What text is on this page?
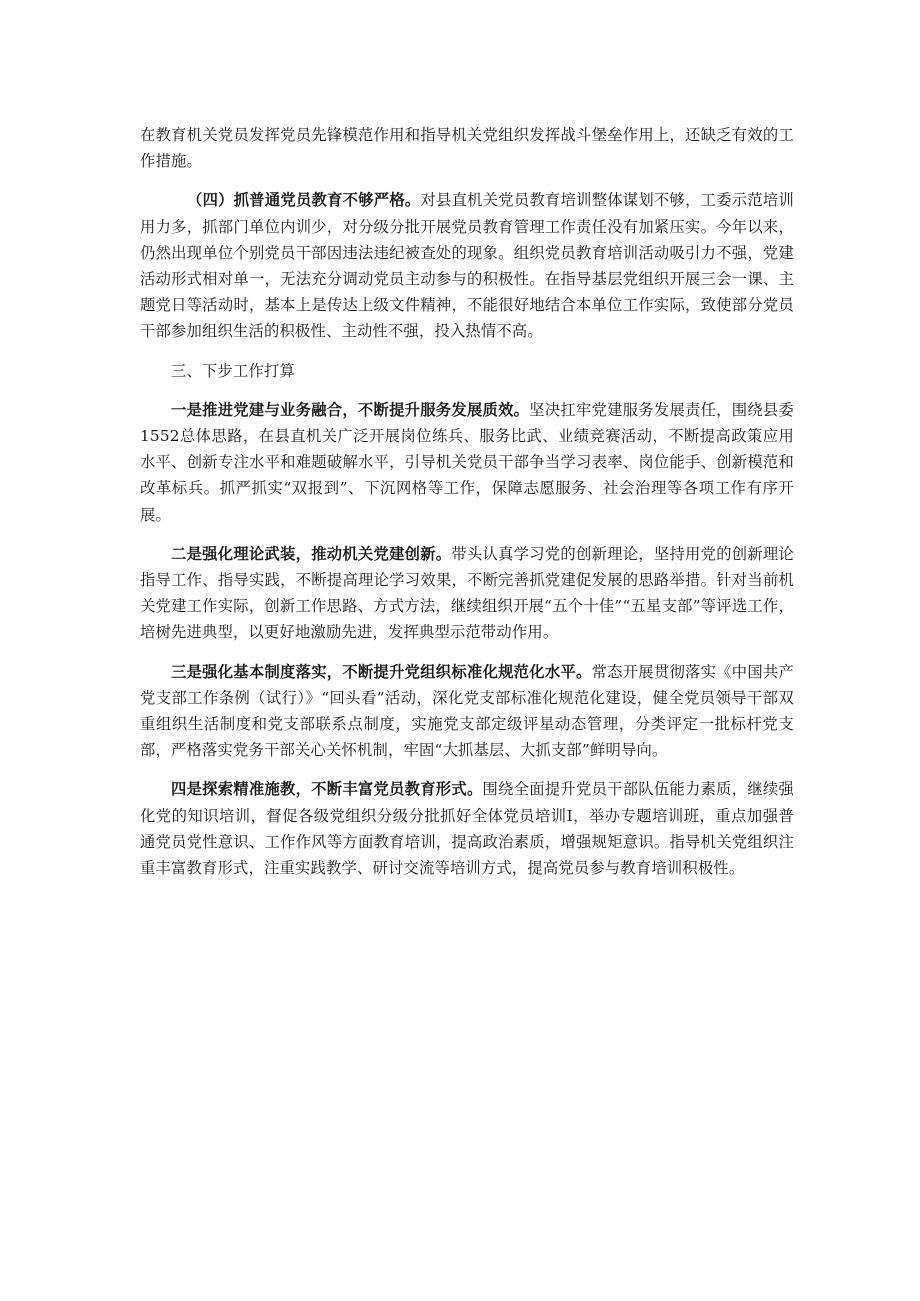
在教育机关党员发挥党员先锋模范作用和指导机关党组织发挥战斗堡垒作用上，还缺乏有效的工作措施。

（四）抓普通党员教育不够严格。对县直机关党员教育培训整体谋划不够，工委示范培训用力多，抓部门单位内训少，对分级分批开展党员教育管理工作责任没有加紧压实。今年以来，仍然出现单位个别党员干部因违法违纪被查处的现象。组织党员教育培训活动吸引力不强，党建活动形式相对单一，无法充分调动党员主动参与的积极性。在指导基层党组织开展三会一课、主题党日等活动时，基本上是传达上级文件精神，不能很好地结合本单位工作实际，致使部分党员干部参加组织生活的积极性、主动性不强，投入热情不高。

三、下步工作打算

一是推进党建与业务融合，不断提升服务发展质效。坚决扛牢党建服务发展责任，围绕县委1552总体思路，在县直机关广泛开展岗位练兵、服务比武、业绩竞赛活动，不断提高政策应用水平、创新专注水平和难题破解水平，引导机关党员干部争当学习表率、岗位能手、创新模范和改革标兵。抓严抓实“双报到”、下沉网格等工作，保障志愿服务、社会治理等各项工作有序开展。

二是强化理论武装，推动机关党建创新。带头认真学习党的创新理论，坚持用党的创新理论指导工作、指导实践，不断提高理论学习效果，不断完善抓党建促发展的思路举措。针对当前机关党建工作实际，创新工作思路、方式方法，继续组织开展“五个十佳”“五星支部”等评选工作，培树先进典型，以更好地激励先进，发挥典型示范带动作用。

三是强化基本制度落实，不断提升党组织标准化规范化水平。常态开展贯彻落实《中国共产党支部工作条例（试行）》“回头看”活动，深化党支部标准化规范化建设，健全党员领导干部双重组织生活制度和党支部联系点制度，实施党支部定级评星动态管理，分类评定一批标杆党支部，严格落实党务干部关心关怀机制，牢固“大抓基层、大抓支部”鲜明导向。

四是探索精准施教，不断丰富党员教育形式。围绕全面提升党员干部队伍能力素质，继续强化党的知识培训，督促各级党组织分级分批抓好全体党员培训Ⅰ，举办专题培训班，重点加强普通党员党性意识、工作作风等方面教育培训，提高政治素质，增强规矩意识。指导机关党组织注重丰富教育形式，注重实践教学、研讨交流等培训方式，提高党员参与教育培训积极性。
